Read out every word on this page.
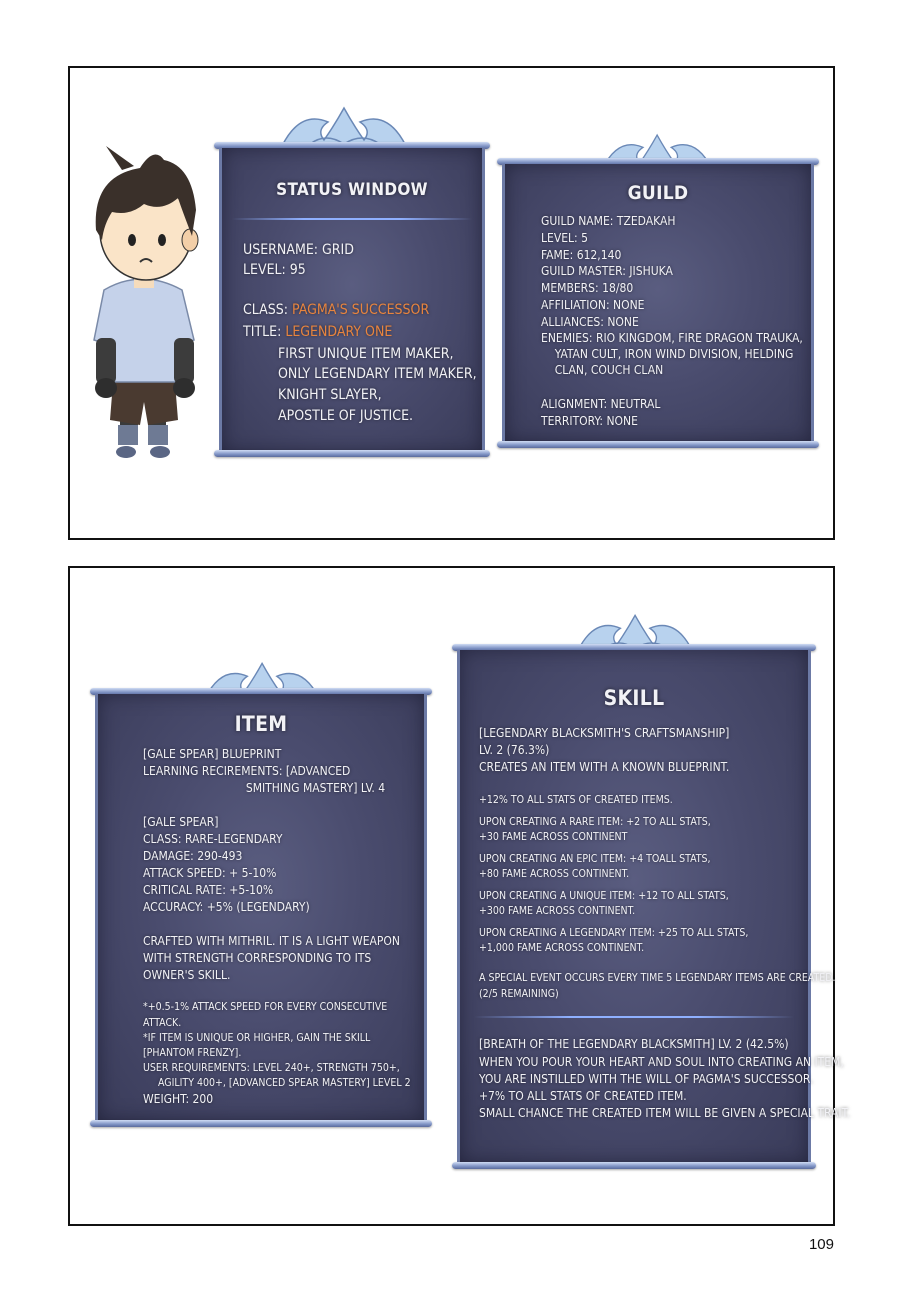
STATUS WINDOW
USERNAME: GRID
LEVEL: 95
CLASS: PAGMA'S SUCCESSOR
TITLE: LEGENDARY ONE
FIRST UNIQUE ITEM MAKER,
ONLY LEGENDARY ITEM MAKER,
KNIGHT SLAYER,
APOSTLE OF JUSTICE.
GUILD
GUILD NAME: TZEDAKAH
LEVEL: 5
FAME: 612,140
GUILD MASTER: JISHUKA
MEMBERS: 18/80
AFFILIATION: NONE
ALLIANCES: NONE
ENEMIES: RIO KINGDOM, FIRE DRAGON TRAUKA,
YATAN CULT, IRON WIND DIVISION, HELDING
CLAN, COUCH CLAN
ALIGNMENT: NEUTRAL
TERRITORY: NONE
ITEM
[GALE SPEAR] BLUEPRINT
LEARNING RECIREMENTS: [ADVANCED
SMITHING MASTERY] LV. 4
[GALE SPEAR]
CLASS: RARE-LEGENDARY
DAMAGE: 290-493
ATTACK SPEED: + 5-10%
CRITICAL RATE: +5-10%
ACCURACY: +5% (LEGENDARY)
CRAFTED WITH MITHRIL. IT IS A LIGHT WEAPON
WITH STRENGTH CORRESPONDING TO ITS
OWNER'S SKILL.
*+0.5-1% ATTACK SPEED FOR EVERY CONSECUTIVE
ATTACK.
*IF ITEM IS UNIQUE OR HIGHER, GAIN THE SKILL
[PHANTOM FRENZY].
USER REQUIREMENTS: LEVEL 240+, STRENGTH 750+,
AGILITY 400+, [ADVANCED SPEAR MASTERY] LEVEL 2
WEIGHT: 200
SKILL
[LEGENDARY BLACKSMITH'S CRAFTSMANSHIP]
LV. 2 (76.3%)
CREATES AN ITEM WITH A KNOWN BLUEPRINT.
+12% TO ALL STATS OF CREATED ITEMS.
UPON CREATING A RARE ITEM: +2 TO ALL STATS,
+30 FAME ACROSS CONTINENT
UPON CREATING AN EPIC ITEM: +4 TOALL STATS,
+80 FAME ACROSS CONTINENT.
UPON CREATING A UNIQUE ITEM: +12 TO ALL STATS,
+300 FAME ACROSS CONTINENT.
UPON CREATING A LEGENDARY ITEM: +25 TO ALL STATS,
+1,000 FAME ACROSS CONTINENT.
A SPECIAL EVENT OCCURS EVERY TIME 5 LEGENDARY ITEMS ARE CREATED.
(2/5 REMAINING)
[BREATH OF THE LEGENDARY BLACKSMITH] LV. 2 (42.5%)
WHEN YOU POUR YOUR HEART AND SOUL INTO CREATING AN ITEM,
YOU ARE INSTILLED WITH THE WILL OF PAGMA'S SUCCESSOR.
+7% TO ALL STATS OF CREATED ITEM.
SMALL CHANCE THE CREATED ITEM WILL BE GIVEN A SPECIAL TRAIT.
109
